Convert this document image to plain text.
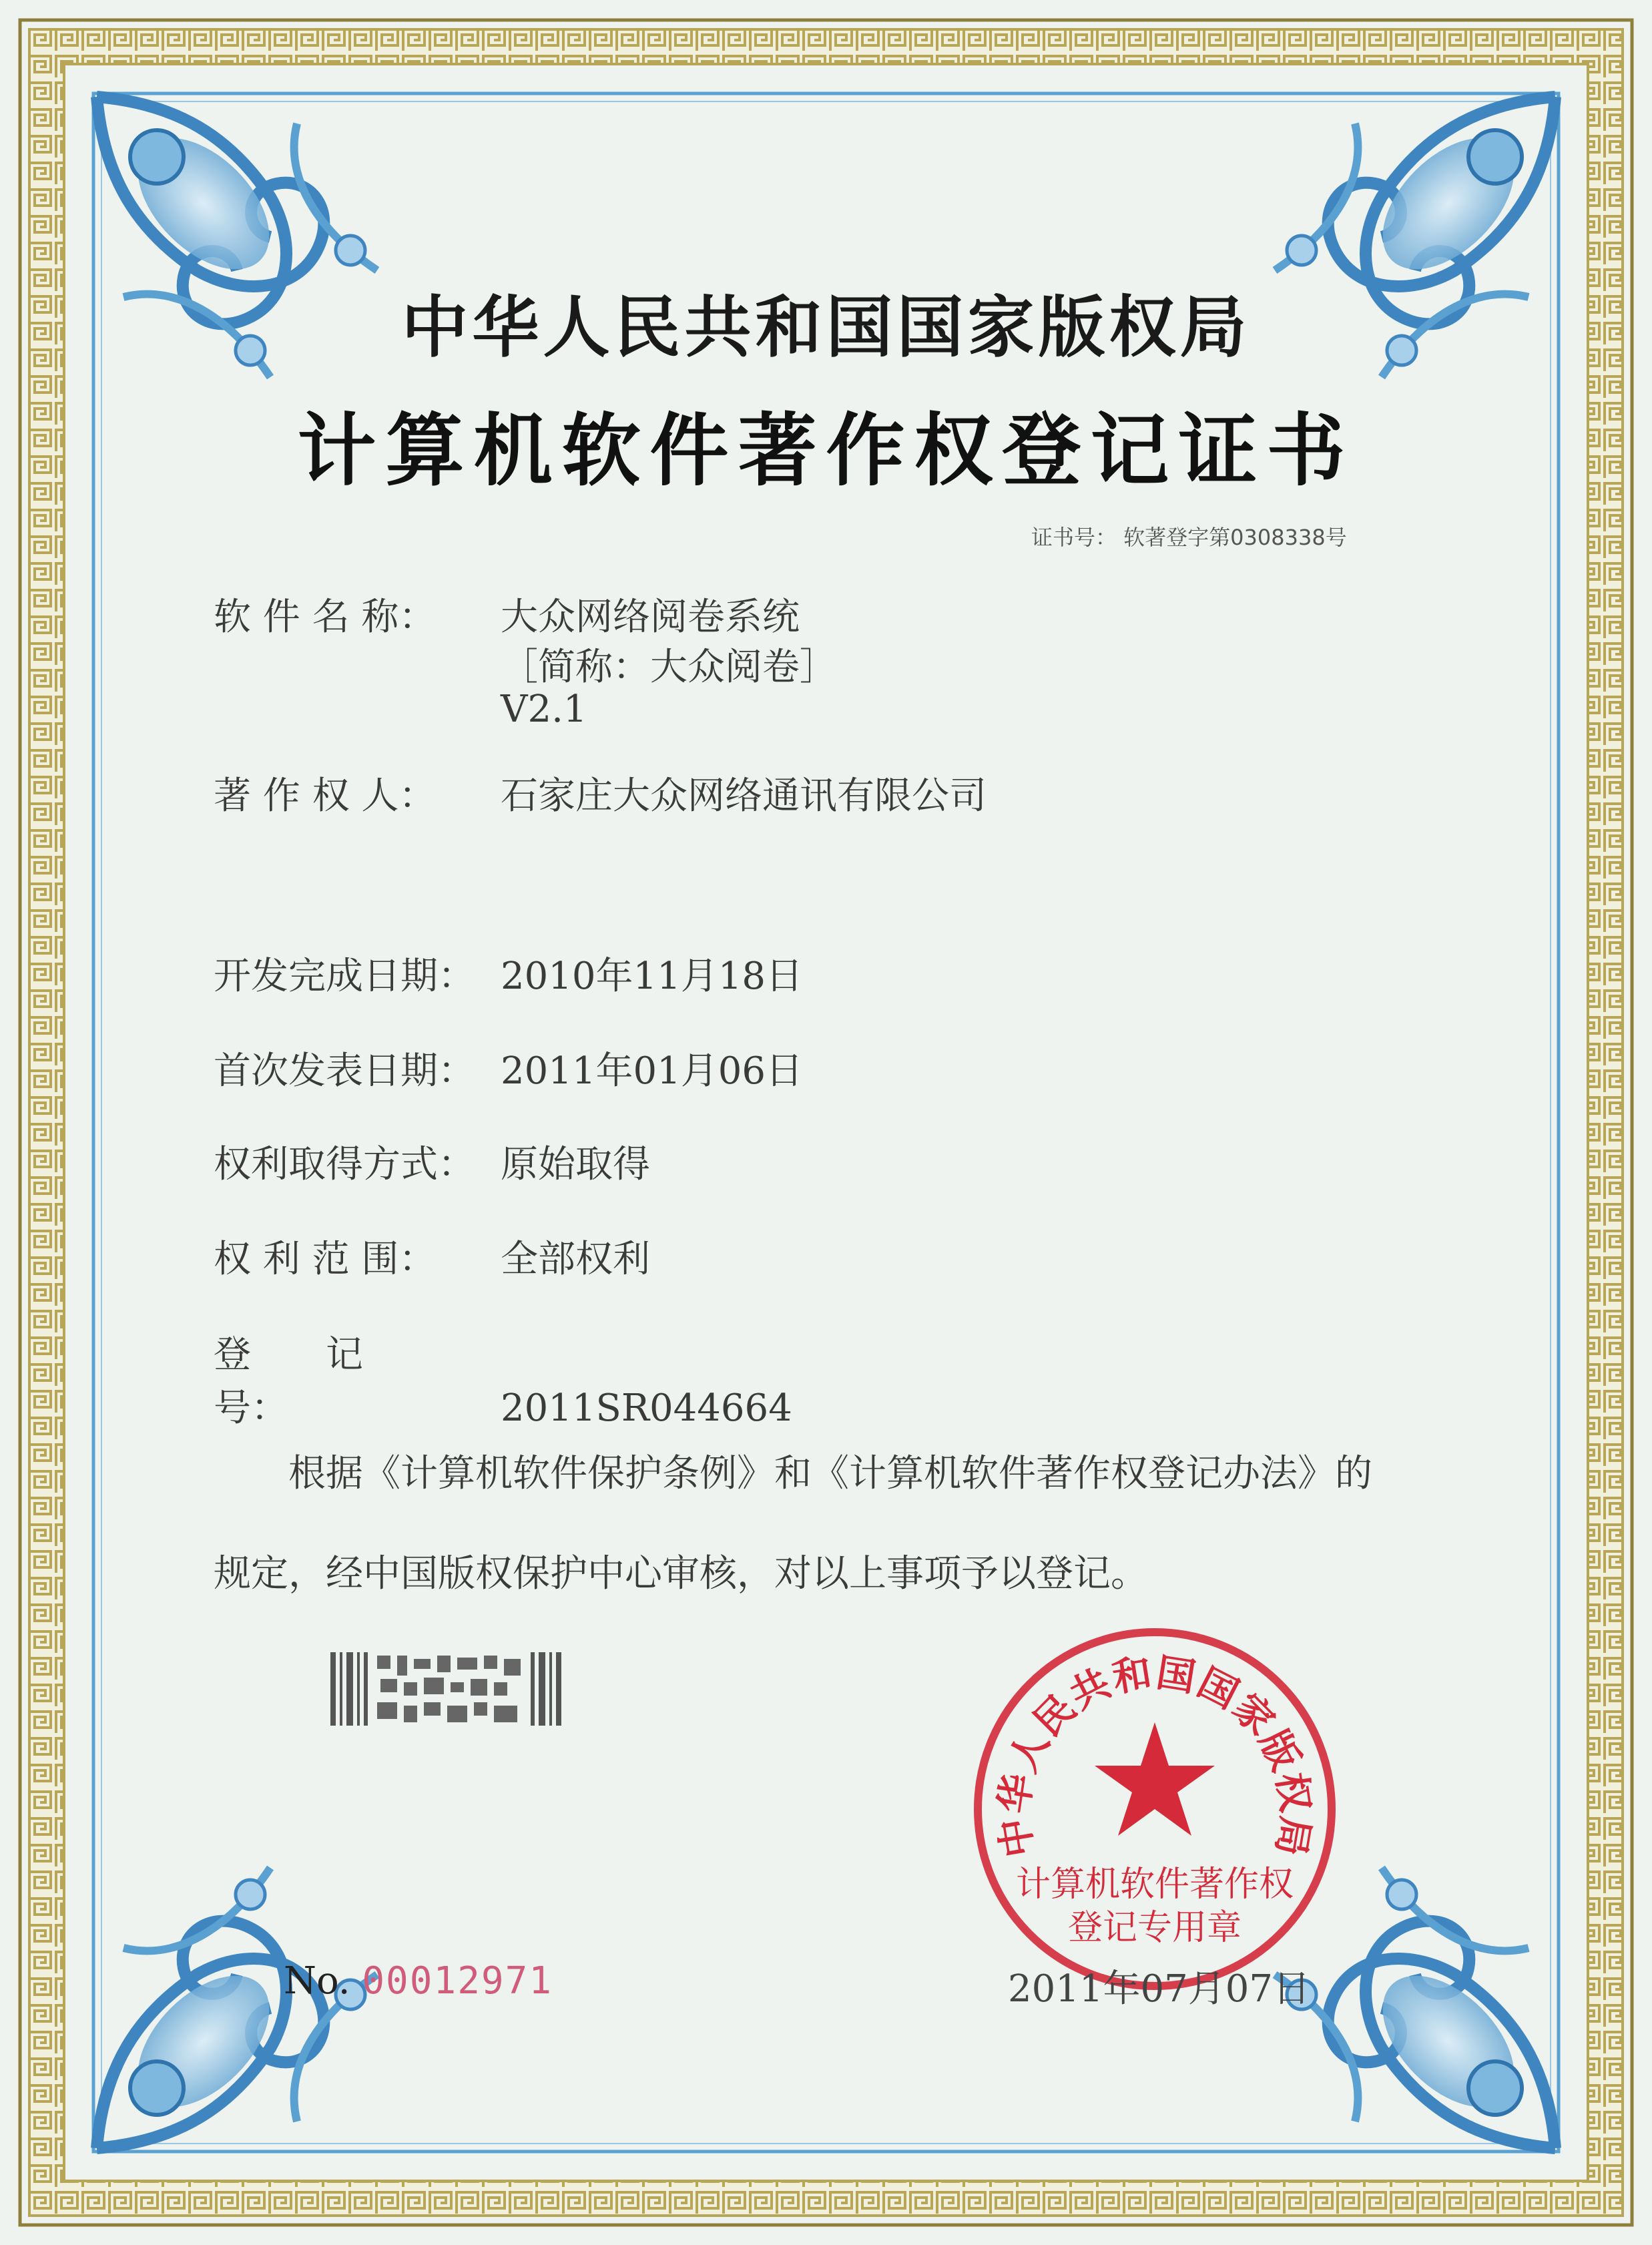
中华人民共和国国家版权局
计算机软件著作权登记证书
证书号： 软著登字第0308338号
软 件 名 称： 大众网络阅卷系统
［简称：大众阅卷］
V2.1
著 作 权 人： 石家庄大众网络通讯有限公司
开发完成日期： 2010年11月18日
首次发表日期： 2011年01月06日
权利取得方式： 原始取得
权 利 范 围： 全部权利
登　　记　　号：	2011SR044664
　　根据《计算机软件保护条例》和《计算机软件著作权登记办法》的
规定，经中国版权保护中心审核，对以上事项予以登记。
中华人民共和国国家版权局
计算机软件著作权
登记专用章
No. 00012971	2011年07月07日
